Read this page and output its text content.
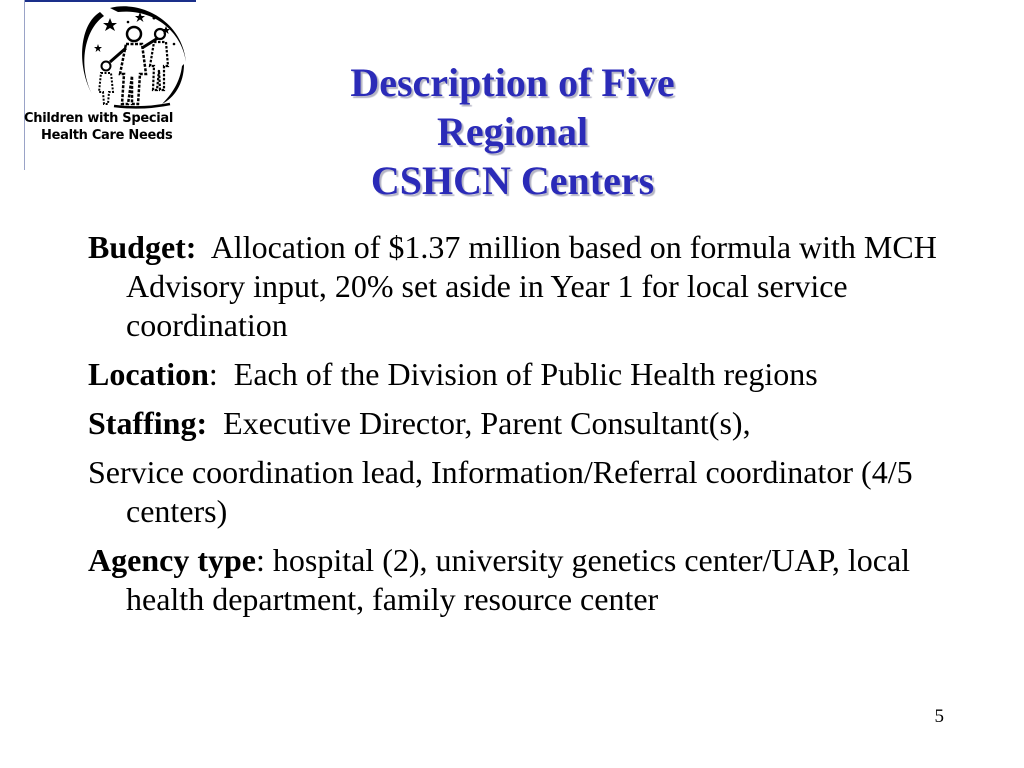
Children with Special
Health Care Needs
Description of Five
Regional
CSHCN Centers

Budget:  Allocation of $1.37 million based on formula with MCH Advisory input, 20% set aside in Year 1 for local service coordination

Location:  Each of the Division of Public Health regions

Staffing:  Executive Director, Parent Consultant(s),

Service coordination lead, Information/Referral coordinator (4/5 centers)

Agency type: hospital (2), university genetics center/UAP, local health department, family resource center

5
